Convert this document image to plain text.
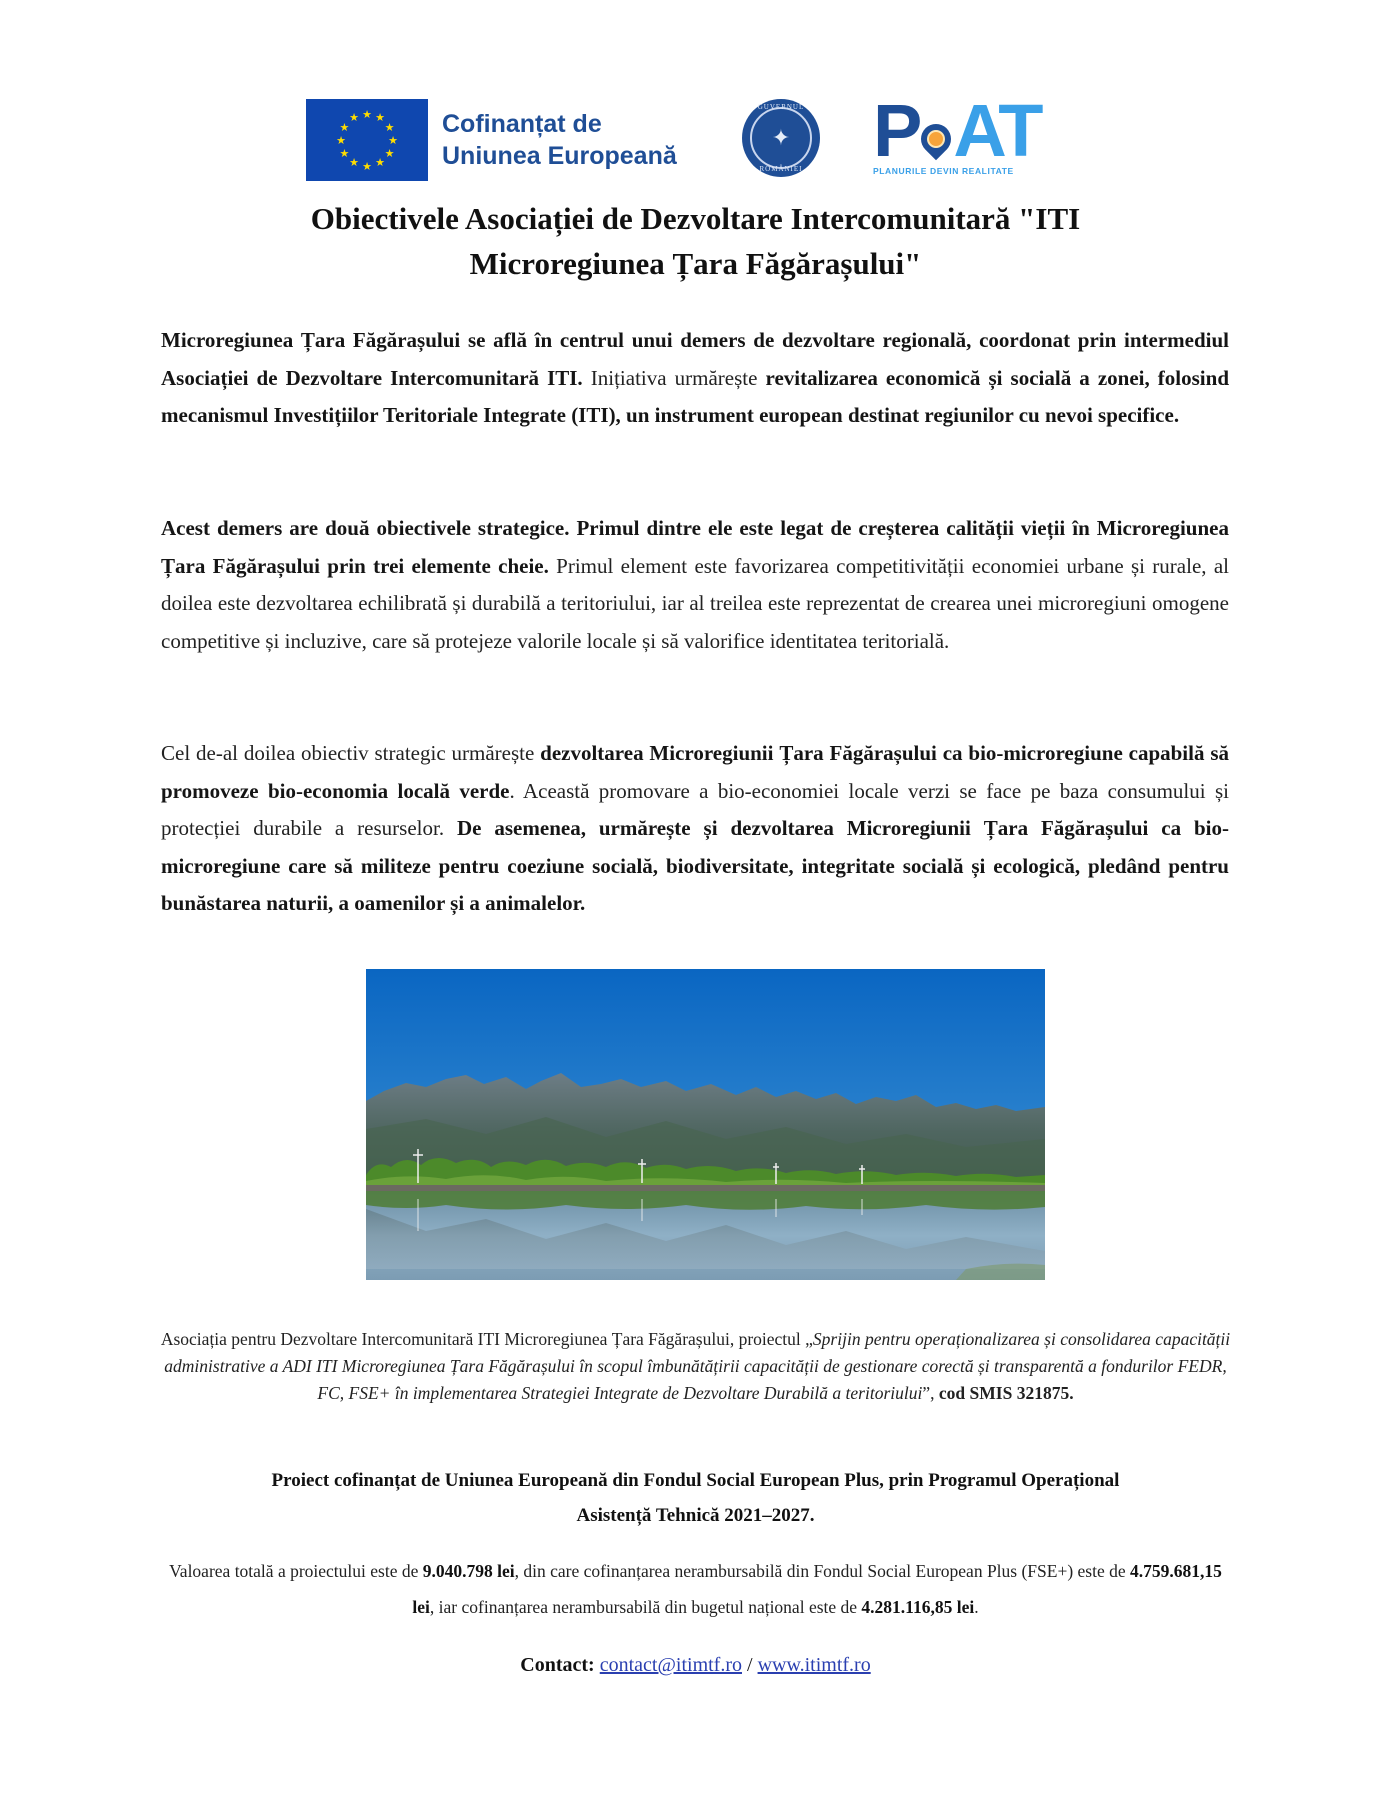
★ ★
★
★
★
★
★
★
★
★
★
★	Cofinanțat de
Uniunea Europeană
GUVERNUL
✦
ROMÂNIEI P AT
PLANURILE DEVIN REALITATE
Obiectivele Asociației de Dezvoltare Intercomunitară "ITI
Microregiunea Țara Făgărașului"
Microregiunea Țara Făgărașului se află în centrul unui demers de dezvoltare regională, coordonat prin intermediul Asociației de Dezvoltare Intercomunitară ITI. Inițiativa urmărește revitalizarea economică și socială a zonei, folosind mecanismul Investițiilor Teritoriale Integrate (ITI), un instrument european destinat regiunilor cu nevoi specifice.
Acest demers are două obiectivele strategice. Primul dintre ele este legat de creșterea calității vieții în Microregiunea Țara Făgărașului prin trei elemente cheie. Primul element este favorizarea competitivității economiei urbane și rurale, al doilea este dezvoltarea echilibrată și durabilă a teritoriului, iar al treilea este reprezentat de crearea unei microregiuni omogene competitive și incluzive, care să protejeze valorile locale și să valorifice identitatea teritorială.
Cel de-al doilea obiectiv strategic urmărește dezvoltarea Microregiunii Țara Făgărașului ca bio-microregiune capabilă să promoveze bio-economia locală verde. Această promovare a bio-economiei locale verzi se face pe baza consumului și protecției durabile a resurselor. De asemenea, urmărește și dezvoltarea Microregiunii Țara Făgărașului ca bio-microregiune care să militeze pentru coeziune socială, biodiversitate, integritate socială și ecologică, pledând pentru bunăstarea naturii, a oamenilor și a animalelor.
Asociația pentru Dezvoltare Intercomunitară ITI Microregiunea Țara Făgărașului, proiectul „Sprijin pentru operaționalizarea și consolidarea capacității administrative a ADI ITI Microregiunea Țara Făgărașului în scopul îmbunătățirii capacității de gestionare corectă și transparentă a fondurilor FEDR, FC, FSE+ în implementarea Strategiei Integrate de Dezvoltare Durabilă a teritoriului”, cod SMIS 321875.
Proiect cofinanțat de Uniunea Europeană din Fondul Social European Plus, prin Programul Operațional
Asistență Tehnică 2021–2027.
Valoarea totală a proiectului este de 9.040.798 lei, din care cofinanțarea nerambursabilă din Fondul Social European Plus (FSE+) este de 4.759.681,15 lei, iar cofinanțarea nerambursabilă din bugetul național este de 4.281.116,85 lei.
Contact: contact@itimtf.ro / www.itimtf.ro
